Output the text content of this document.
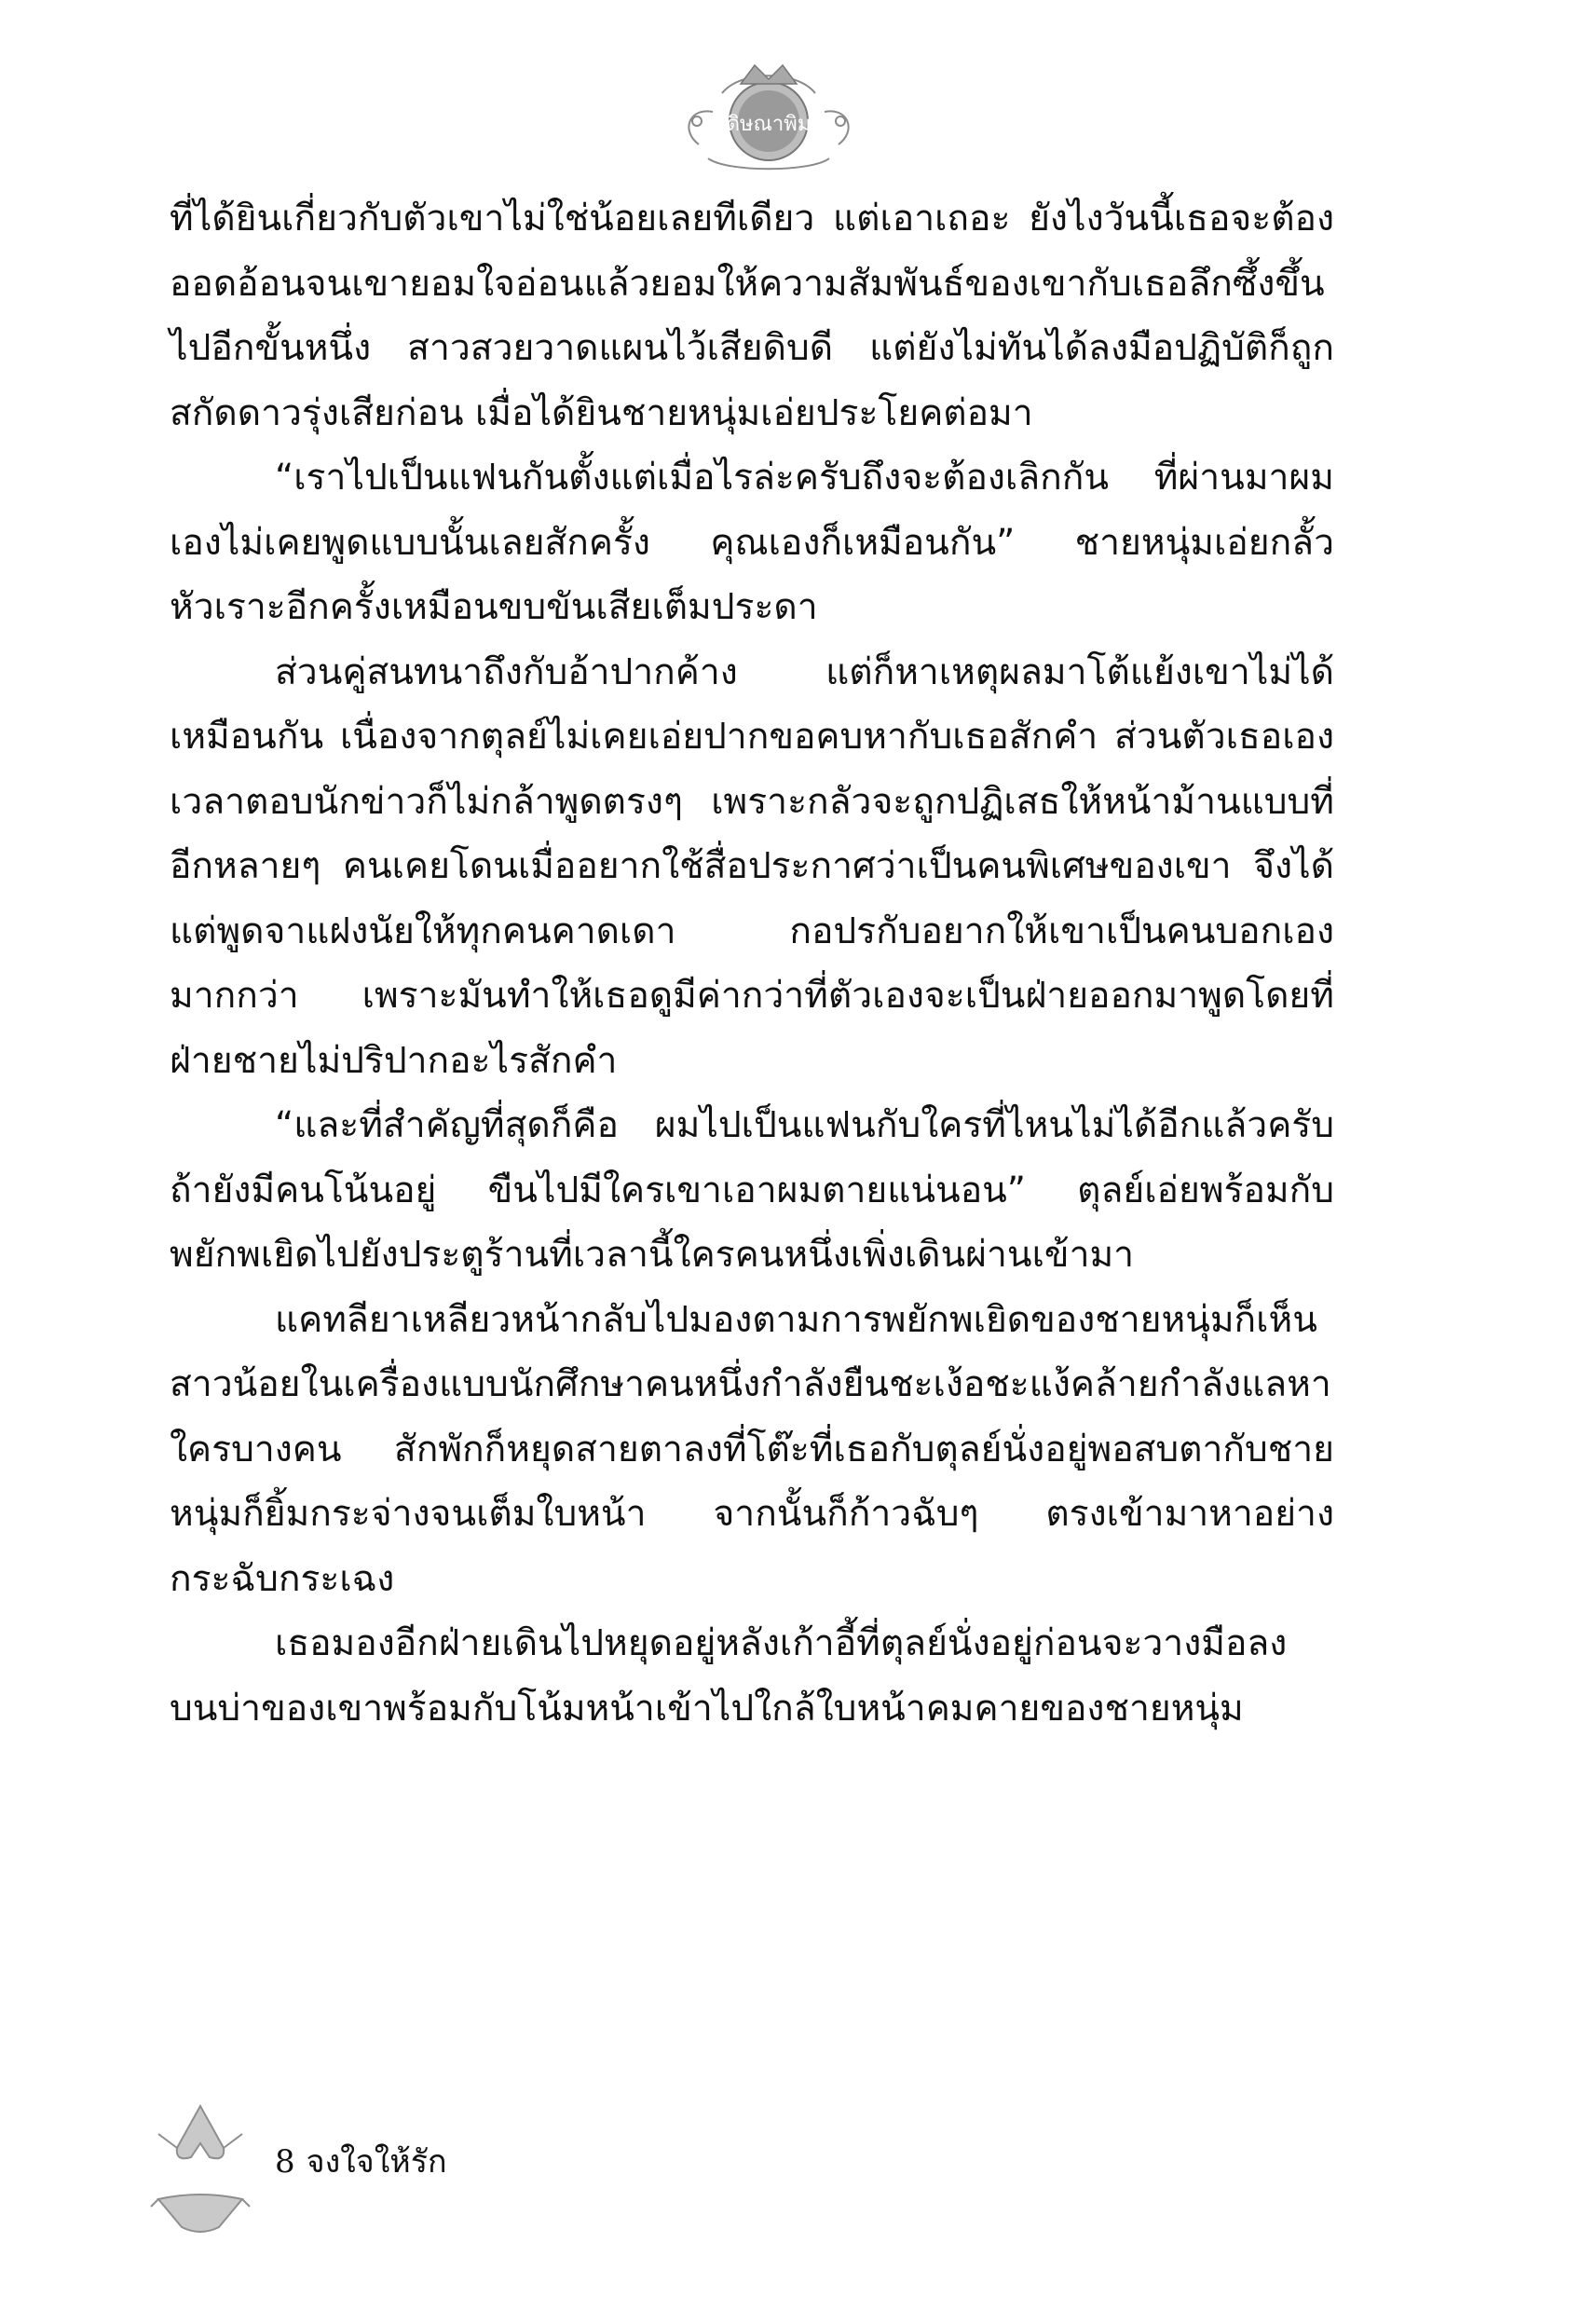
ดิษณาพิม

ที่ได้ยินเกี่ยวกับตัวเขาไม่ใช่น้อยเลยทีเดียว แต่เอาเถอะ ยังไงวันนี้เธอจะต้องออดอ้อนจนเขายอมใจอ่อนแล้วยอมให้ความสัมพันธ์ของเขากับเธอลึกซึ้งขึ้นไปอีกขั้นหนึ่ง สาวสวยวาดแผนไว้เสียดิบดี แต่ยังไม่ทันได้ลงมือปฏิบัติก็ถูกสกัดดาวรุ่งเสียก่อน เมื่อได้ยินชายหนุ่มเอ่ยประโยคต่อมา

“เราไปเป็นแฟนกันตั้งแต่เมื่อไรล่ะครับถึงจะต้องเลิกกัน ที่ผ่านมาผมเองไม่เคยพูดแบบนั้นเลยสักครั้ง คุณเองก็เหมือนกัน” ชายหนุ่มเอ่ยกลั้วหัวเราะอีกครั้งเหมือนขบขันเสียเต็มประดา

ส่วนคู่สนทนาถึงกับอ้าปากค้าง แต่ก็หาเหตุผลมาโต้แย้งเขาไม่ได้เหมือนกัน เนื่องจากตุลย์ไม่เคยเอ่ยปากขอคบหากับเธอสักคำ ส่วนตัวเธอเองเวลาตอบนักข่าวก็ไม่กล้าพูดตรงๆ เพราะกลัวจะถูกปฏิเสธให้หน้าม้านแบบที่อีกหลายๆ คนเคยโดนเมื่ออยากใช้สื่อประกาศว่าเป็นคนพิเศษของเขา จึงได้แต่พูดจาแฝงนัยให้ทุกคนคาดเดา กอปรกับอยากให้เขาเป็นคนบอกเองมากกว่า เพราะมันทำให้เธอดูมีค่ากว่าที่ตัวเองจะเป็นฝ่ายออกมาพูดโดยที่ฝ่ายชายไม่ปริปากอะไรสักคำ

“และที่สำคัญที่สุดก็คือ ผมไปเป็นแฟนกับใครที่ไหนไม่ได้อีกแล้วครับถ้ายังมีคนโน้นอยู่ ขืนไปมีใครเขาเอาผมตายแน่นอน” ตุลย์เอ่ยพร้อมกับพยักพเยิดไปยังประตูร้านที่เวลานี้ใครคนหนึ่งเพิ่งเดินผ่านเข้ามา

แคทลียาเหลียวหน้ากลับไปมองตามการพยักพเยิดของชายหนุ่มก็เห็นสาวน้อยในเครื่องแบบนักศึกษาคนหนึ่งกำลังยืนชะเง้อชะแง้คล้ายกำลังแลหาใครบางคน สักพักก็หยุดสายตาลงที่โต๊ะที่เธอกับตุลย์นั่งอยู่พอสบตากับชายหนุ่มก็ยิ้มกระจ่างจนเต็มใบหน้า จากนั้นก็ก้าวฉับๆ ตรงเข้ามาหาอย่างกระฉับกระเฉง

เธอมองอีกฝ่ายเดินไปหยุดอยู่หลังเก้าอี้ที่ตุลย์นั่งอยู่ก่อนจะวางมือลงบนบ่าของเขาพร้อมกับโน้มหน้าเข้าไปใกล้ใบหน้าคมคายของชายหนุ่ม

8 จงใจให้รัก
